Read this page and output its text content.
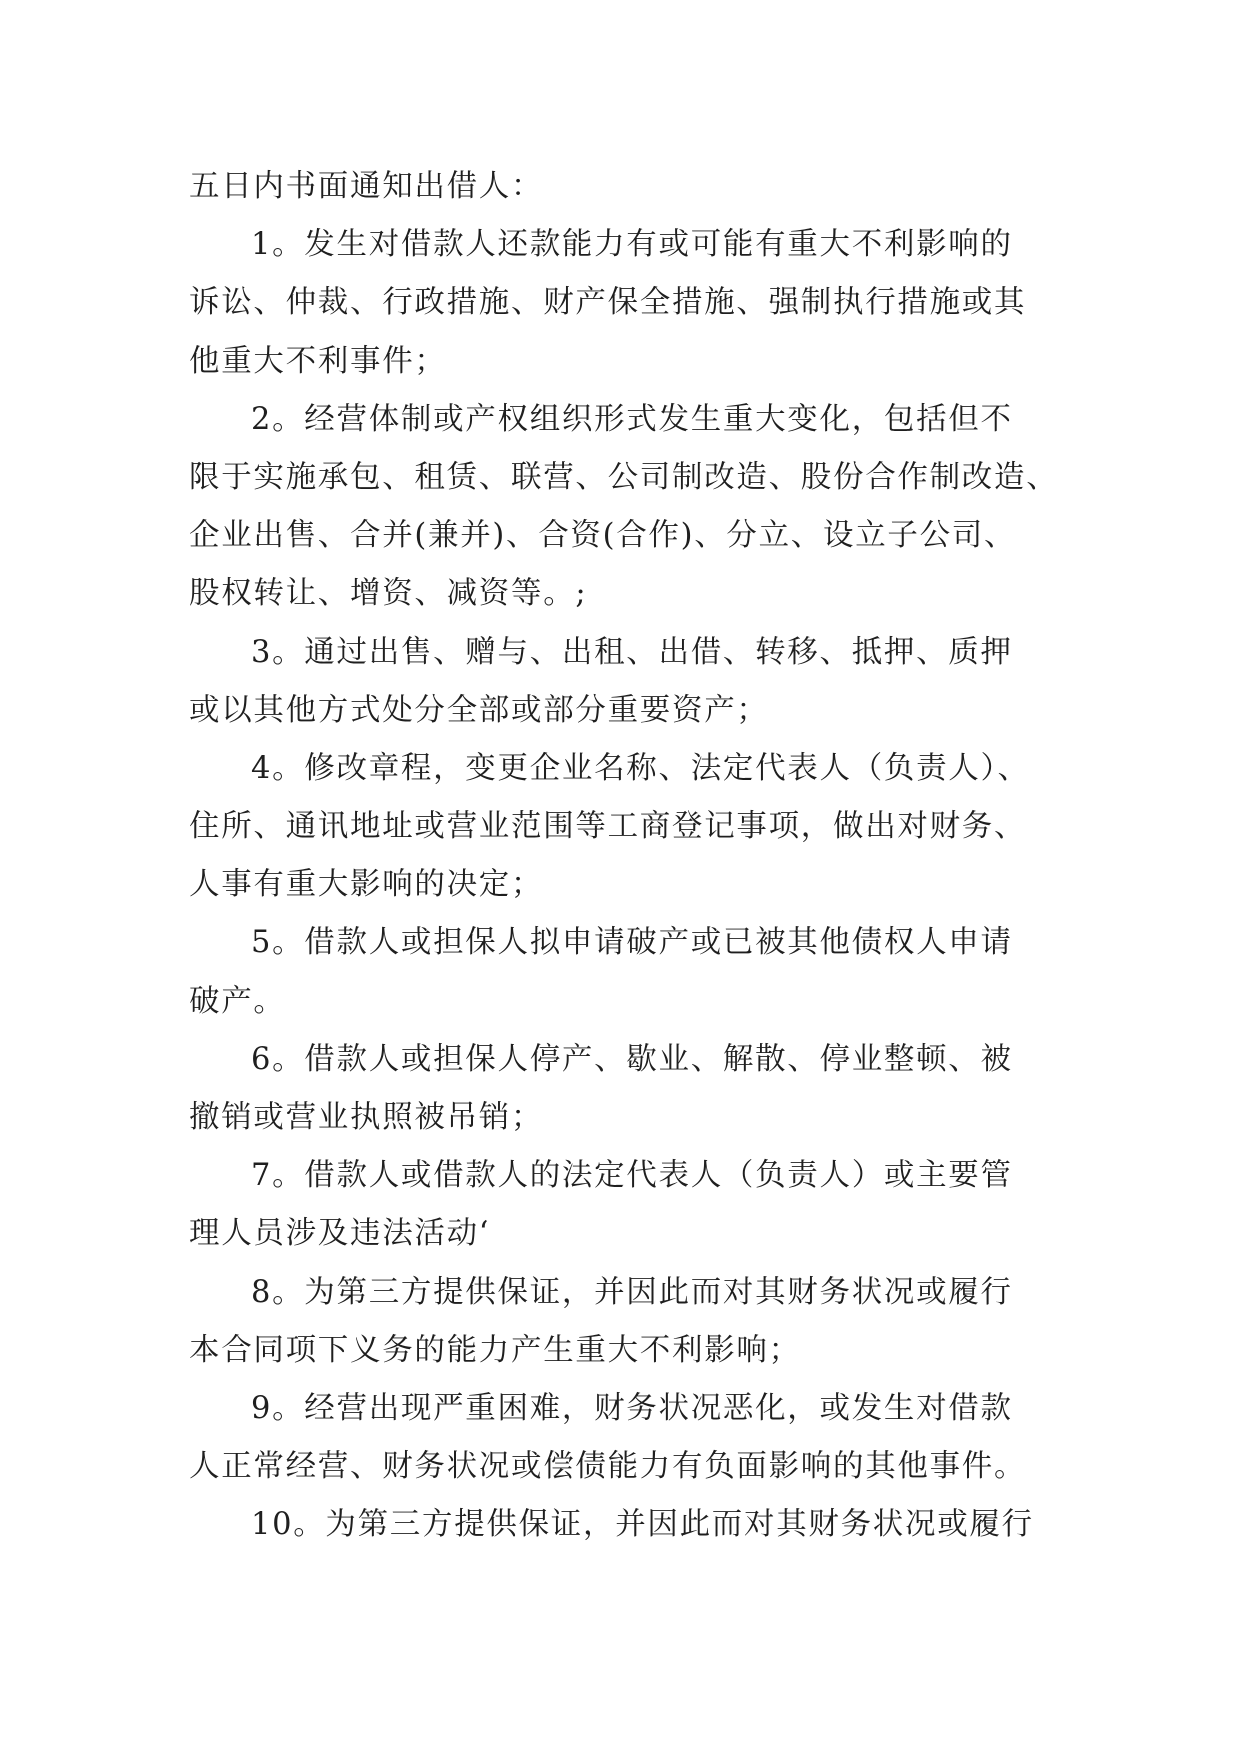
五日内书面通知出借人：
1。发生对借款人还款能力有或可能有重大不利影响的
诉讼、仲裁、行政措施、财产保全措施、强制执行措施或其
他重大不利事件；
2。经营体制或产权组织形式发生重大变化，包括但不
限于实施承包、租赁、联营、公司制改造、股份合作制改造、
企业出售、合并(兼并)、合资(合作)、分立、设立子公司、
股权转让、增资、减资等。;
3。通过出售、赠与、出租、出借、转移、抵押、质押
或以其他方式处分全部或部分重要资产；
4。修改章程，变更企业名称、法定代表人（负责人）、
住所、通讯地址或营业范围等工商登记事项，做出对财务、
人事有重大影响的决定；
5。借款人或担保人拟申请破产或已被其他债权人申请
破产。
6。借款人或担保人停产、歇业、解散、停业整顿、被
撤销或营业执照被吊销；
7。借款人或借款人的法定代表人（负责人）或主要管
理人员涉及违法活动‘
8。为第三方提供保证，并因此而对其财务状况或履行
本合同项下义务的能力产生重大不利影响；
9。经营出现严重困难，财务状况恶化，或发生对借款
人正常经营、财务状况或偿债能力有负面影响的其他事件。
10。为第三方提供保证，并因此而对其财务状况或履行
